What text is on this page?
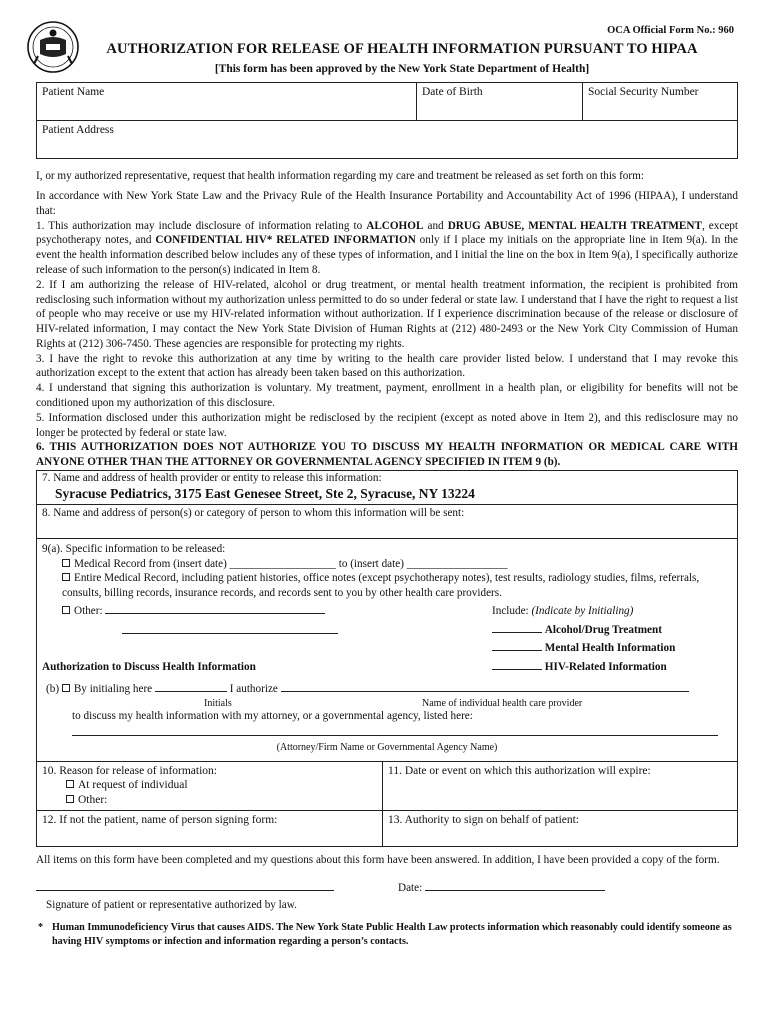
OCA Official Form No.: 960
AUTHORIZATION FOR RELEASE OF HEALTH INFORMATION PURSUANT TO HIPAA
[This form has been approved by the New York State Department of Health]
Patient Name	Date of Birth	Social Security Number
Patient Address
I, or my authorized representative, request that health information regarding my care and treatment be released as set forth on this form:
In accordance with New York State Law and the Privacy Rule of the Health Insurance Portability and Accountability Act of 1996 (HIPAA), I understand that:
1. This authorization may include disclosure of information relating to ALCOHOL and DRUG ABUSE, MENTAL HEALTH TREATMENT, except psychotherapy notes, and CONFIDENTIAL HIV* RELATED INFORMATION only if I place my initials on the appropriate line in Item 9(a). In the event the health information described below includes any of these types of information, and I initial the line on the box in Item 9(a), I specifically authorize release of such information to the person(s) indicated in Item 8.
2. If I am authorizing the release of HIV-related, alcohol or drug treatment, or mental health treatment information, the recipient is prohibited from redisclosing such information without my authorization unless permitted to do so under federal or state law. I understand that I have the right to request a list of people who may receive or use my HIV-related information without authorization. If I experience discrimination because of the release or disclosure of HIV-related information, I may contact the New York State Division of Human Rights at (212) 480-2493 or the New York City Commission of Human Rights at (212) 306-7450. These agencies are responsible for protecting my rights.
3. I have the right to revoke this authorization at any time by writing to the health care provider listed below. I understand that I may revoke this authorization except to the extent that action has already been taken based on this authorization.
4. I understand that signing this authorization is voluntary. My treatment, payment, enrollment in a health plan, or eligibility for benefits will not be conditioned upon my authorization of this disclosure.
5. Information disclosed under this authorization might be redisclosed by the recipient (except as noted above in Item 2), and this redisclosure may no longer be protected by federal or state law.
6. THIS AUTHORIZATION DOES NOT AUTHORIZE YOU TO DISCUSS MY HEALTH INFORMATION OR MEDICAL CARE WITH ANYONE OTHER THAN THE ATTORNEY OR GOVERNMENTAL AGENCY SPECIFIED IN ITEM 9 (b).
7. Name and address of health provider or entity to release this information:
Syracuse Pediatrics, 3175 East Genesee Street, Ste 2, Syracuse, NY 13224
8. Name and address of person(s) or category of person to whom this information will be sent:
9(a). Specific information to be released:
Medical Record from (insert date) ___________________ to (insert date) __________________
Entire Medical Record, including patient histories, office notes (except psychotherapy notes), test results, radiology studies, films, referrals, consults, billing records, insurance records, and records sent to you by other health care providers.
Other:	Include: (Indicate by Initialing)
Alcohol/Drug Treatment
Mental Health Information
Authorization to Discuss Health Information	HIV-Related Information
(b) By initialing here	I authorize
Initials	Name of individual health care provider
to discuss my health information with my attorney, or a governmental agency, listed here:
(Attorney/Firm Name or Governmental Agency Name)
10. Reason for release of information:
At request of individual
Other:	11. Date or event on which this authorization will expire:
12. If not the patient, name of person signing form:	13. Authority to sign on behalf of patient:
All items on this form have been completed and my questions about this form have been answered. In addition, I have been provided a copy of the form.
Date:
Signature of patient or representative authorized by law.
* Human Immunodeficiency Virus that causes AIDS. The New York State Public Health Law protects information which reasonably could identify someone as having HIV symptoms or infection and information regarding a person’s contacts.
